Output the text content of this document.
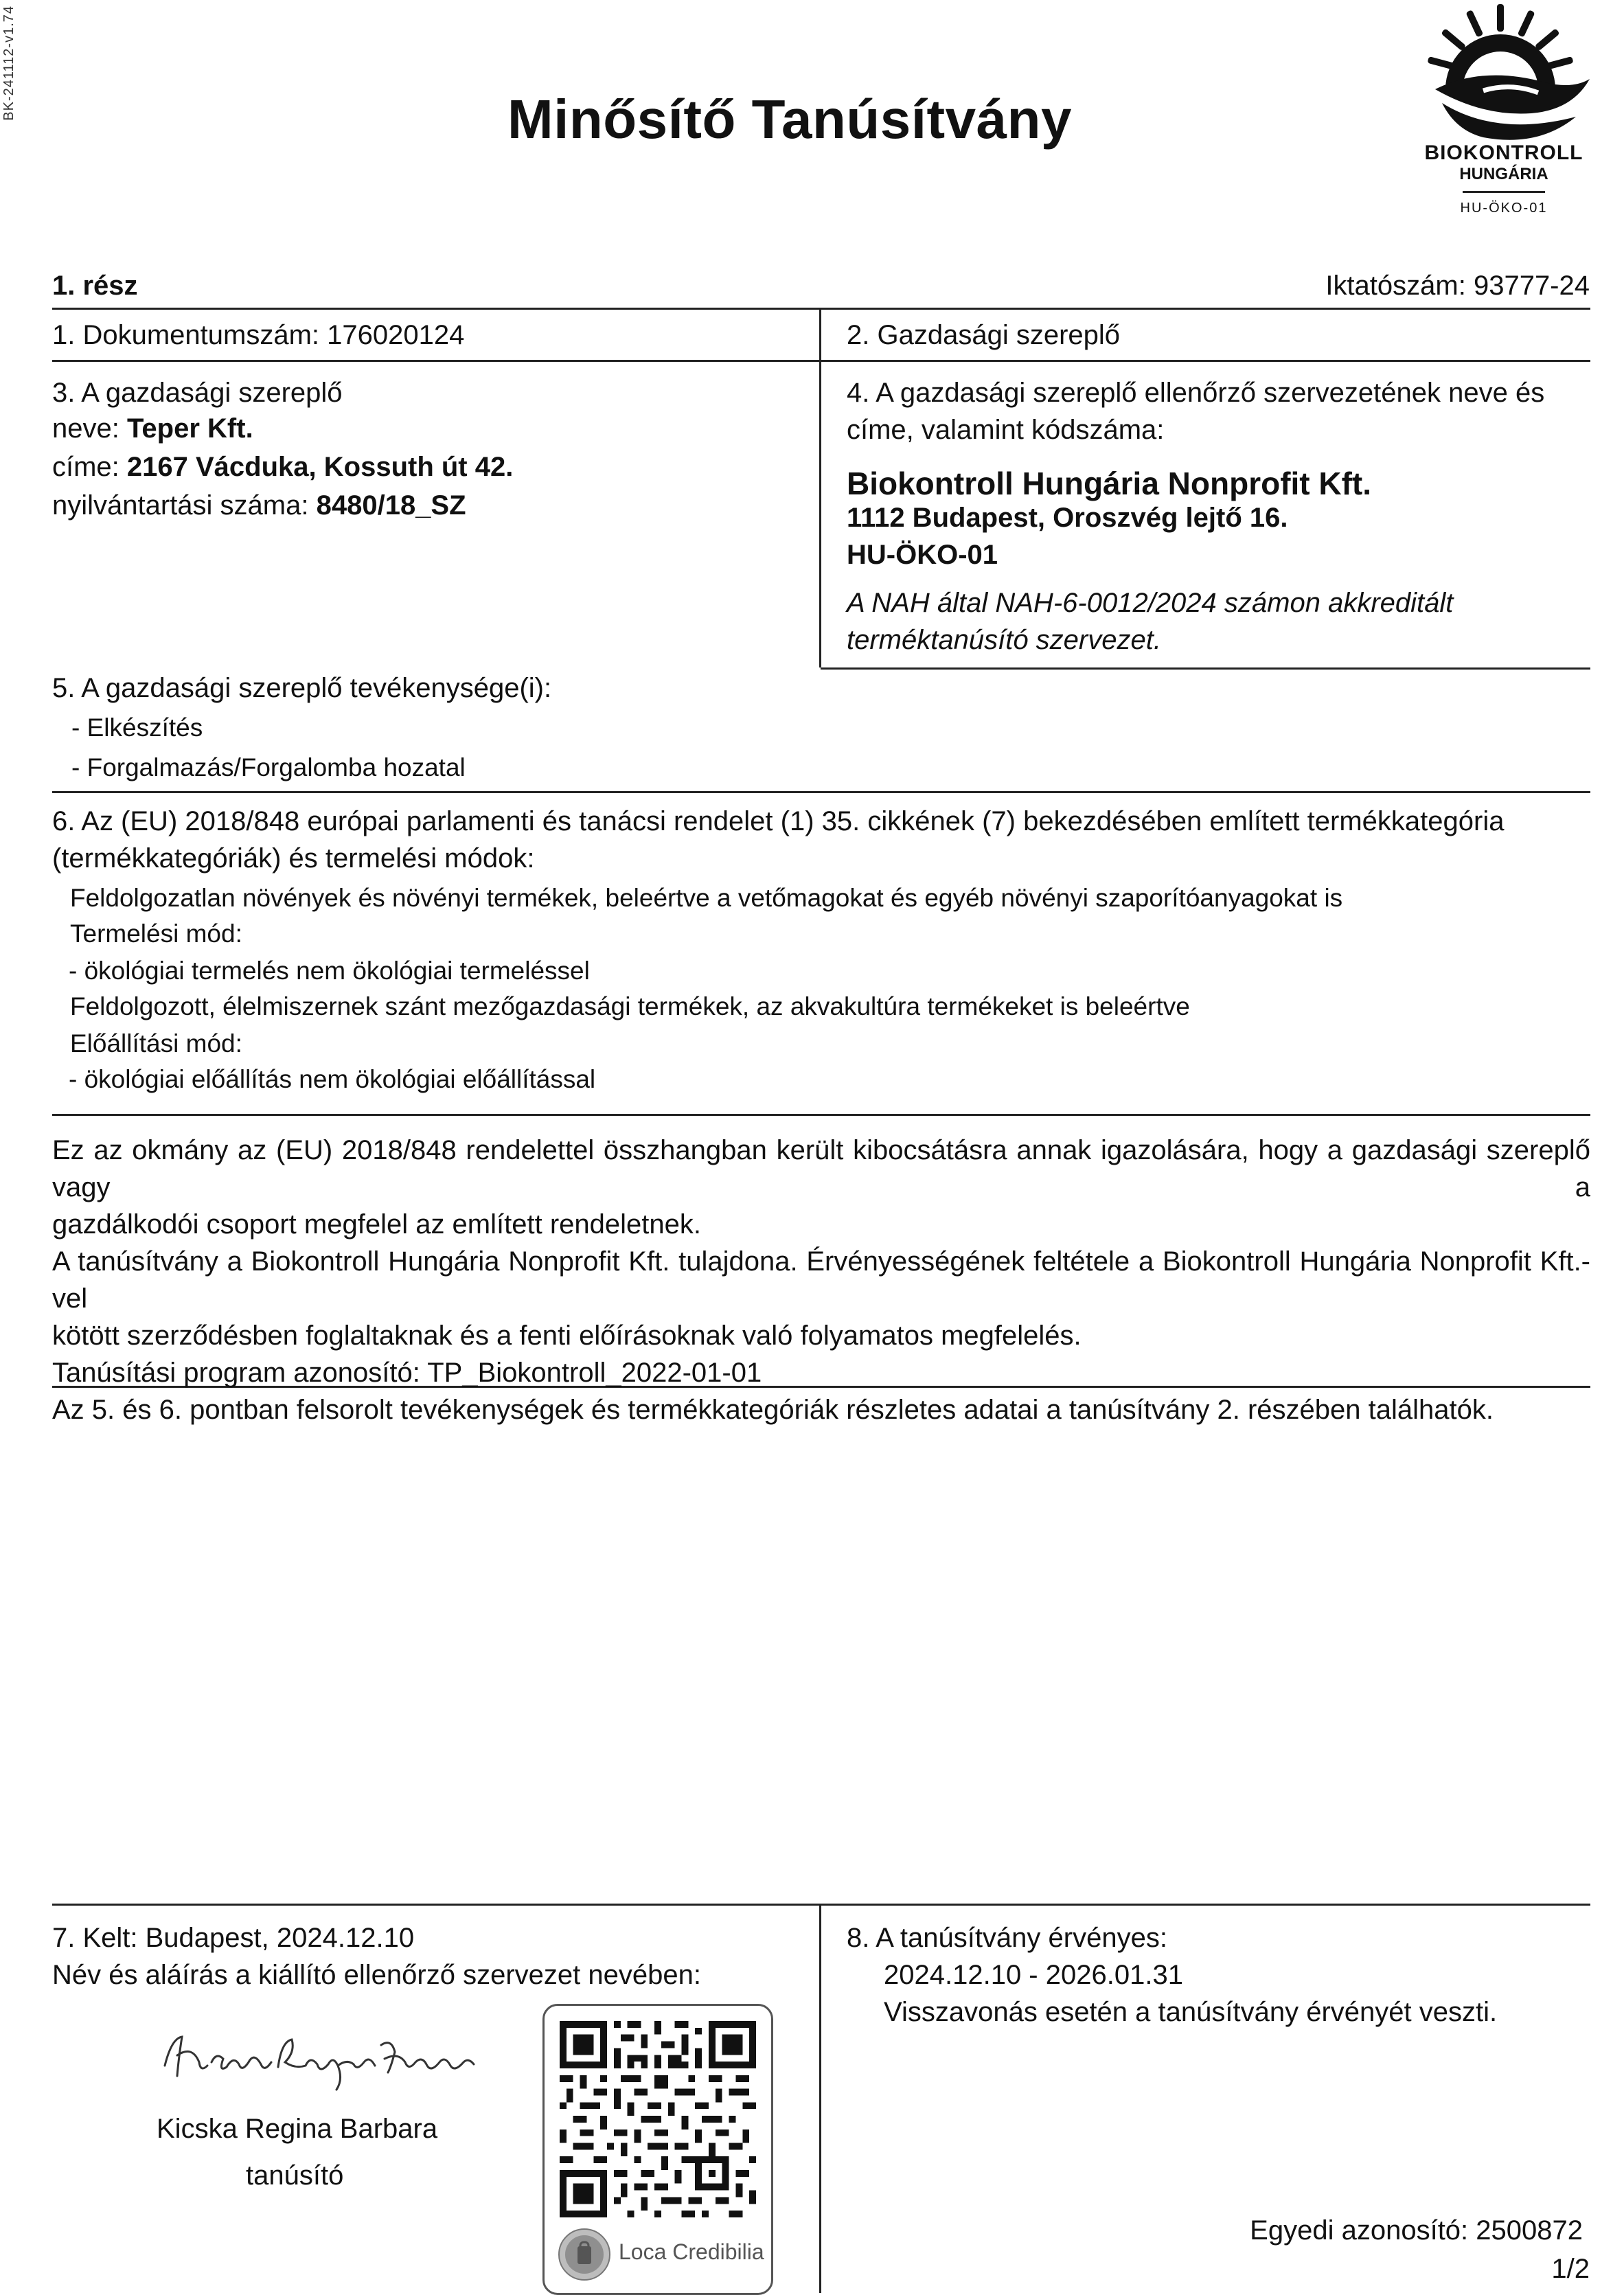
BK-241112-v1.74	Minősítő Tanúsítvány
BIOKONTROLL
HUNGÁRIA
HU-ÖKO-01
1. rész	Iktatószám: 93777-24
1. Dokumentumszám: 176020124	2. Gazdasági szereplő
3. A gazdasági szereplő
neve: Teper Kft.
címe: 2167 Vácduka, Kossuth út 42.
nyilvántartási száma: 8480/18_SZ
4. A gazdasági szereplő ellenőrző szervezetének neve és
címe, valamint kódszáma:
Biokontroll Hungária Nonprofit Kft.
1112 Budapest, Oroszvég lejtő 16.
HU-ÖKO-01
A NAH által NAH-6-0012/2024 számon akkreditált
terméktanúsító szervezet.
5. A gazdasági szereplő tevékenysége(i):
- Elkészítés
- Forgalmazás/Forgalomba hozatal
6. Az (EU) 2018/848 európai parlamenti és tanácsi rendelet (1) 35. cikkének (7) bekezdésében említett termékkategória
(termékkategóriák) és termelési módok:
Feldolgozatlan növények és növényi termékek, beleértve a vetőmagokat és egyéb növényi szaporítóanyagokat is
Termelési mód:
- ökológiai termelés nem ökológiai termeléssel
Feldolgozott, élelmiszernek szánt mezőgazdasági termékek, az akvakultúra termékeket is beleértve
Előállítási mód:
- ökológiai előállítás nem ökológiai előállítással
Ez az okmány az (EU) 2018/848 rendelettel összhangban került kibocsátásra annak igazolására, hogy a gazdasági szereplő vagy a
gazdálkodói csoport megfelel az említett rendeletnek.
A tanúsítvány a Biokontroll Hungária Nonprofit Kft. tulajdona. Érvényességének feltétele a Biokontroll Hungária Nonprofit Kft.-vel
kötött szerződésben foglaltaknak és a fenti előírásoknak való folyamatos megfelelés.
Tanúsítási program azonosító: TP_Biokontroll_2022-01-01
Az 5. és 6. pontban felsorolt tevékenységek és termékkategóriák részletes adatai a tanúsítvány 2. részében találhatók.
7. Kelt: Budapest, 2024.12.10
Név és aláírás a kiállító ellenőrző szervezet nevében:
Kicska Regina Barbara
tanúsító
Loca Credibilia
8. A tanúsítvány érvényes:
2024.12.10 - 2026.01.31
Visszavonás esetén a tanúsítvány érvényét veszti.
Egyedi azonosító: 2500872
1/2
